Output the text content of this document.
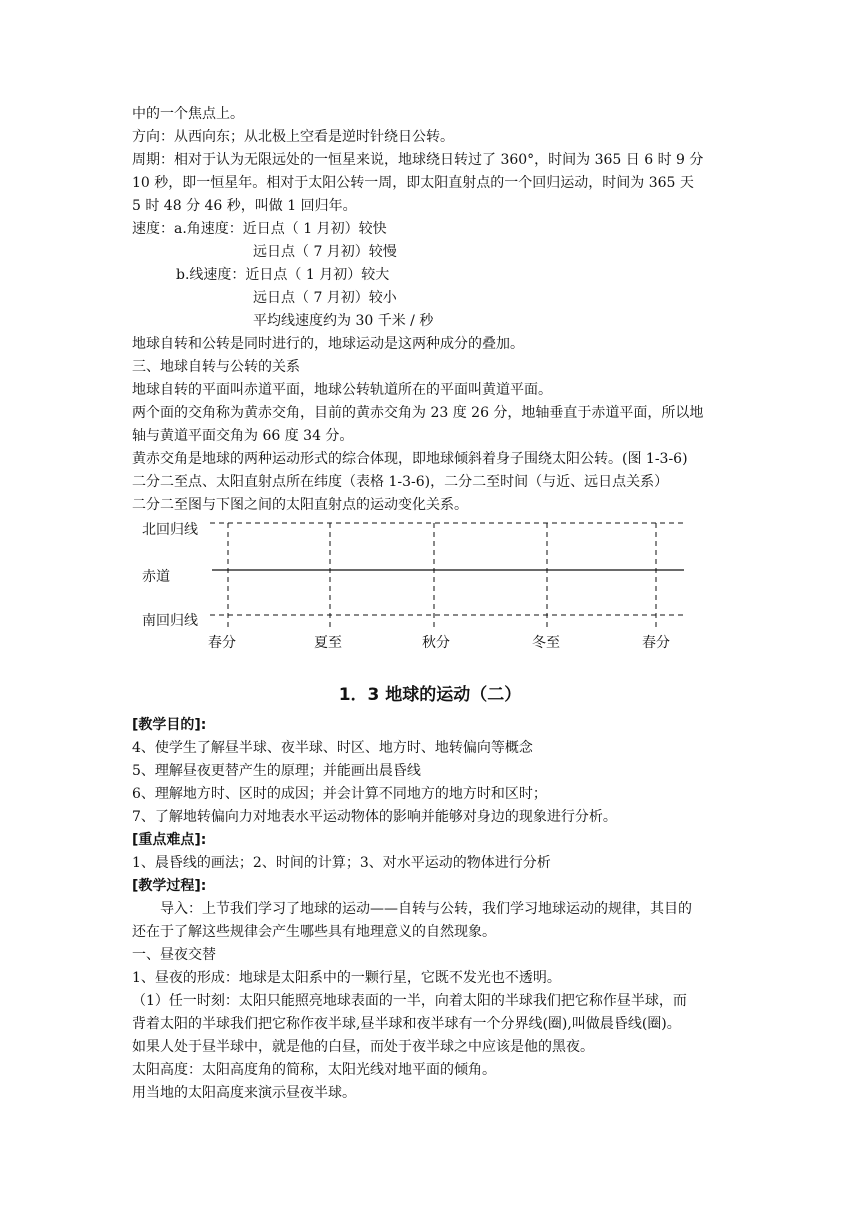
中的一个焦点上。
方向：从西向东；从北极上空看是逆时针绕日公转。
周期：相对于认为无限远处的一恒星来说，地球绕日转过了 360°，时间为 365 日 6 时 9 分
10 秒，即一恒星年。相对于太阳公转一周，即太阳直射点的一个回归运动，时间为 365 天
5 时 48 分 46 秒，叫做 1 回归年。
速度：a.角速度：近日点（ 1 月初）较快
远日点（ 7 月初）较慢
b.线速度：近日点（ 1 月初）较大
远日点（ 7 月初）较小
平均线速度约为 30 千米 / 秒
地球自转和公转是同时进行的，地球运动是这两种成分的叠加。
三、地球自转与公转的关系
地球自转的平面叫赤道平面，地球公转轨道所在的平面叫黄道平面。
两个面的交角称为黄赤交角，目前的黄赤交角为 23 度 26 分，地轴垂直于赤道平面，所以地
轴与黄道平面交角为 66 度 34 分。
黄赤交角是地球的两种运动形式的综合体现，即地球倾斜着身子围绕太阳公转。(图 1-3-6)
二分二至点、太阳直射点所在纬度（表格 1-3-6)，二分二至时间（与近、远日点关系）
二分二至图与下图之间的太阳直射点的运动变化关系。
北回归线
赤道
南回归线
春分	夏至	秋分	冬至	春分
1．3 地球的运动（二）
[教学目的]:
4、使学生了解昼半球、夜半球、时区、地方时、地转偏向等概念
5、理解昼夜更替产生的原理；并能画出晨昏线
6、理解地方时、区时的成因；并会计算不同地方的地方时和区时；
7、了解地转偏向力对地表水平运动物体的影响并能够对身边的现象进行分析。
[重点难点]:
1、晨昏线的画法；2、时间的计算；3、对水平运动的物体进行分析
[教学过程]:
导入：上节我们学习了地球的运动——自转与公转，我们学习地球运动的规律，其目的
还在于了解这些规律会产生哪些具有地理意义的自然现象。
一、昼夜交替
1、昼夜的形成：地球是太阳系中的一颗行星，它既不发光也不透明。
（1）任一时刻：太阳只能照亮地球表面的一半，向着太阳的半球我们把它称作昼半球，而
背着太阳的半球我们把它称作夜半球,昼半球和夜半球有一个分界线(圈),叫做晨昏线(圈)。
如果人处于昼半球中，就是他的白昼，而处于夜半球之中应该是他的黑夜。
太阳高度：太阳高度角的简称，太阳光线对地平面的倾角。
用当地的太阳高度来演示昼夜半球。
